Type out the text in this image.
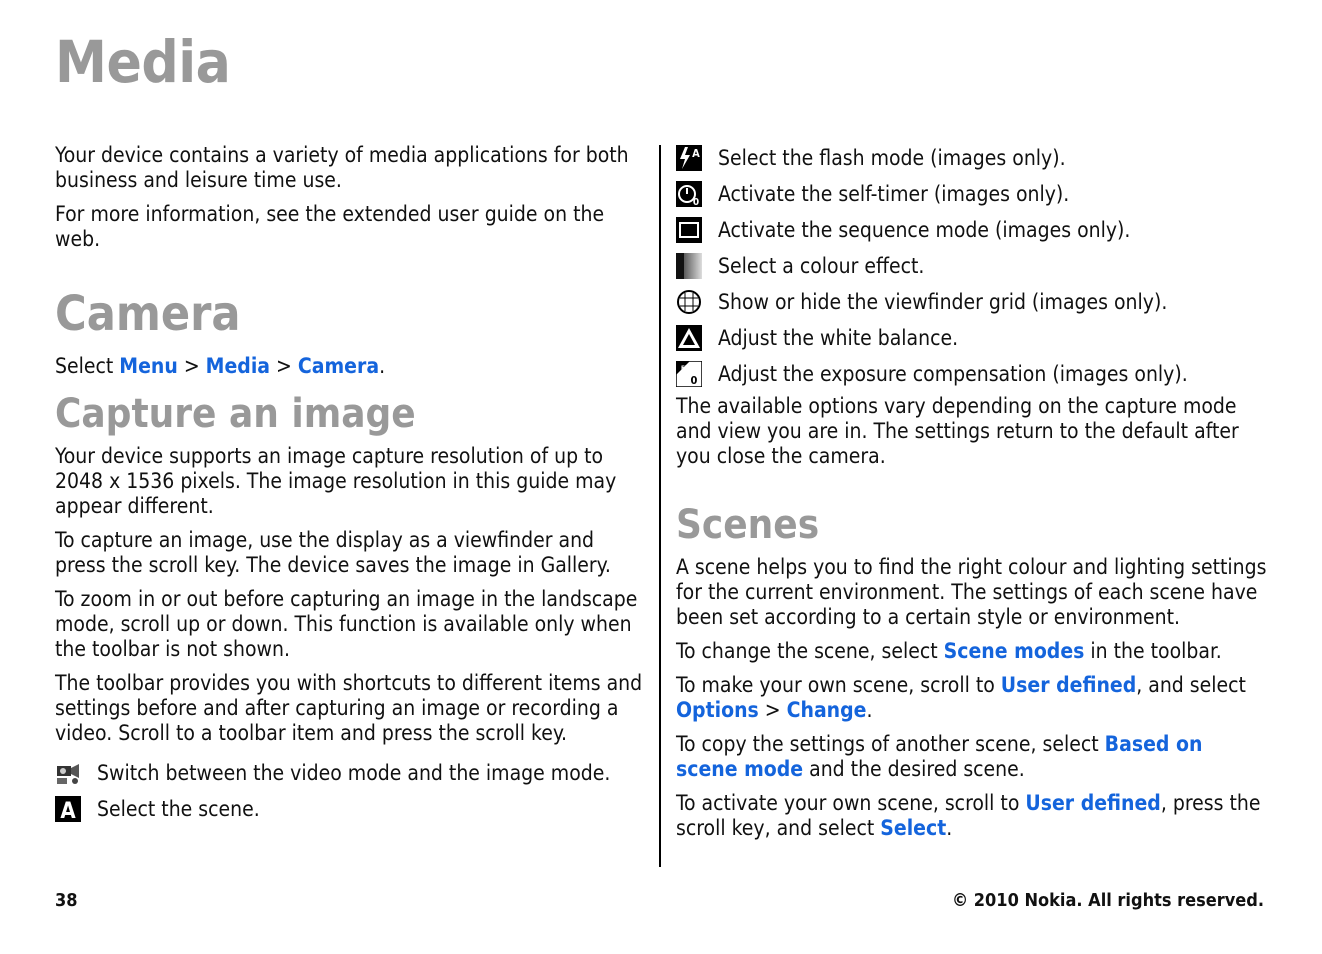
Media

Your device contains a variety of media applications for both business and leisure time use.

For more information, see the extended user guide on the web.

Camera

Select Menu > Media > Camera.

Capture an image

Your device supports an image capture resolution of up to 2048 x 1536 pixels. The image resolution in this guide may appear different.

To capture an image, use the display as a viewfinder and press the scroll key. The device saves the image in Gallery.

To zoom in or out before capturing an image in the landscape mode, scroll up or down. This function is available only when the toolbar is not shown.

The toolbar provides you with shortcuts to different items and settings before and after capturing an image or recording a video. Scroll to a toolbar item and press the scroll key.

Switch between the video mode and the image mode.
A Select the scene.
A Select the flash mode (images only).
0 Activate the self-timer (images only).
Activate the sequence mode (images only).
Select a colour effect.
Show or hide the viewfinder grid (images only).
Adjust the white balance.
EV
0 Adjust the exposure compensation (images only).

The available options vary depending on the capture mode and view you are in. The settings return to the default after you close the camera.

Scenes

A scene helps you to find the right colour and lighting settings for the current environment. The settings of each scene have been set according to a certain style or environment.

To change the scene, select Scene modes in the toolbar.

To make your own scene, scroll to User defined, and select Options > Change.

To copy the settings of another scene, select Based on scene mode and the desired scene.

To activate your own scene, scroll to User defined, press the scroll key, and select Select.

38	© 2010 Nokia. All rights reserved.
